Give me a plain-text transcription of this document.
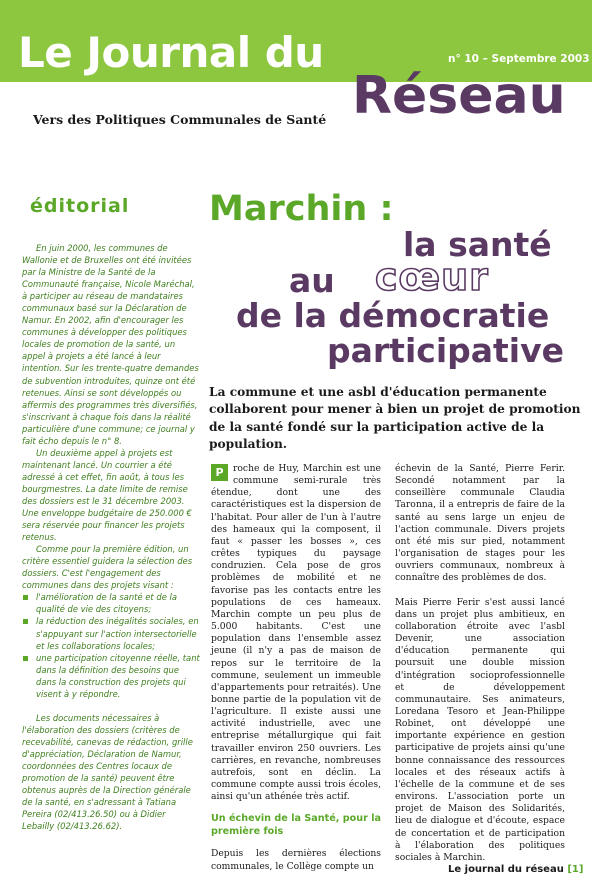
Le Journal du	n° 10 – Septembre 2003
Réseau
Vers des Politiques Communales de Santé
éditorial

En juin 2000, les communes de Wallonie et de Bruxelles ont été invitées par la Ministre de la Santé de la Communauté française, Nicole Maréchal, à participer au réseau de mandataires communaux basé sur la Déclaration de Namur. En 2002, afin d'encourager les communes à développer des politiques locales de promotion de la santé, un appel à projets a été lancé à leur intention. Sur les trente-quatre demandes de subvention introduites, quinze ont été retenues. Ainsi se sont développés ou affermis des programmes très diversifiés, s'inscrivant à chaque fois dans la réalité particulière d'une commune; ce journal y fait écho depuis le n° 8.

Un deuxième appel à projets est maintenant lancé. Un courrier a été adressé à cet effet, fin août, à tous les bourgmestres. La date limite de remise des dossiers est le 31 décembre 2003. Une enveloppe budgétaire de 250.000 € sera réservée pour financer les projets retenus.

Comme pour la première édition, un critère essentiel guidera la sélection des dossiers. C'est l'engagement des communes dans des projets visant :

l'amélioration de la santé et de la qualité de vie des citoyens;
la réduction des inégalités sociales, en s'appuyant sur l'action intersectorielle et les collaborations locales;
une participation citoyenne réelle, tant dans la définition des besoins que dans la construction des projets qui visent à y répondre.

Les documents nécessaires à l'élaboration des dossiers (critères de recevabilité, canevas de rédaction, grille d'appréciation, Déclaration de Namur, coordonnées des Centres locaux de promotion de la santé) peuvent être obtenus auprès de la Direction générale de la santé, en s'adressant à Tatiana Pereira (02/413.26.50) ou à Didier Lebailly (02/413.26.62).

Marchin :
la santé
au cœur
de la démocratie
participative
La commune et une asbl d'éducation permanente collaborent pour mener à bien un projet de promotion de la santé fondé sur la participation active de la population.

P	roche de Huy, Marchin est une commune semi-rurale très étendue, dont une des caractéristiques est la dispersion de l'habitat. Pour aller de l'un à l'autre des hameaux qui la composent, il faut « passer les bosses », ces crêtes typiques du paysage condruzien. Cela pose de gros problèmes de mobilité et ne favorise pas les contacts entre les populations de ces hameaux. Marchin compte un peu plus de 5.000 habitants. C'est une population dans l'ensemble assez jeune (il n'y a pas de maison de repos sur le territoire de la commune, seulement un immeuble d'appartements pour retraités). Une bonne partie de la population vit de l'agriculture. Il existe aussi une activité industrielle, avec une entreprise métallurgique qui fait travailler environ 250 ouvriers. Les carrières, en revanche, nombreuses autrefois, sont en déclin. La commune compte aussi trois écoles, ainsi qu'un athénée très actif.

Un échevin de la Santé, pour la première fois

Depuis les dernières élections communales, le Collège compte un

échevin de la Santé, Pierre Ferir. Secondé notamment par la conseillère communale Claudia Taronna, il a entrepris de faire de la santé au sens large un enjeu de l'action communale. Divers projets ont été mis sur pied, notamment l'organisation de stages pour les ouvriers communaux, nombreux à connaître des problèmes de dos.

Mais Pierre Ferir s'est aussi lancé dans un projet plus ambitieux, en collaboration étroite avec l'asbl Devenir, une association d'éducation permanente qui poursuit une double mission d'intégration socioprofessionnelle et de développement communautaire. Ses animateurs, Loredana Tesoro et Jean-Philippe Robinet, ont développé une importante expérience en gestion participative de projets ainsi qu'une bonne connaissance des ressources locales et des réseaux actifs à l'échelle de la commune et de ses environs. L'association porte un projet de Maison des Solidarités, lieu de dialogue et d'écoute, espace de concertation et de participation à l'élaboration des politiques sociales à Marchin.

Le journal du réseau [1]
